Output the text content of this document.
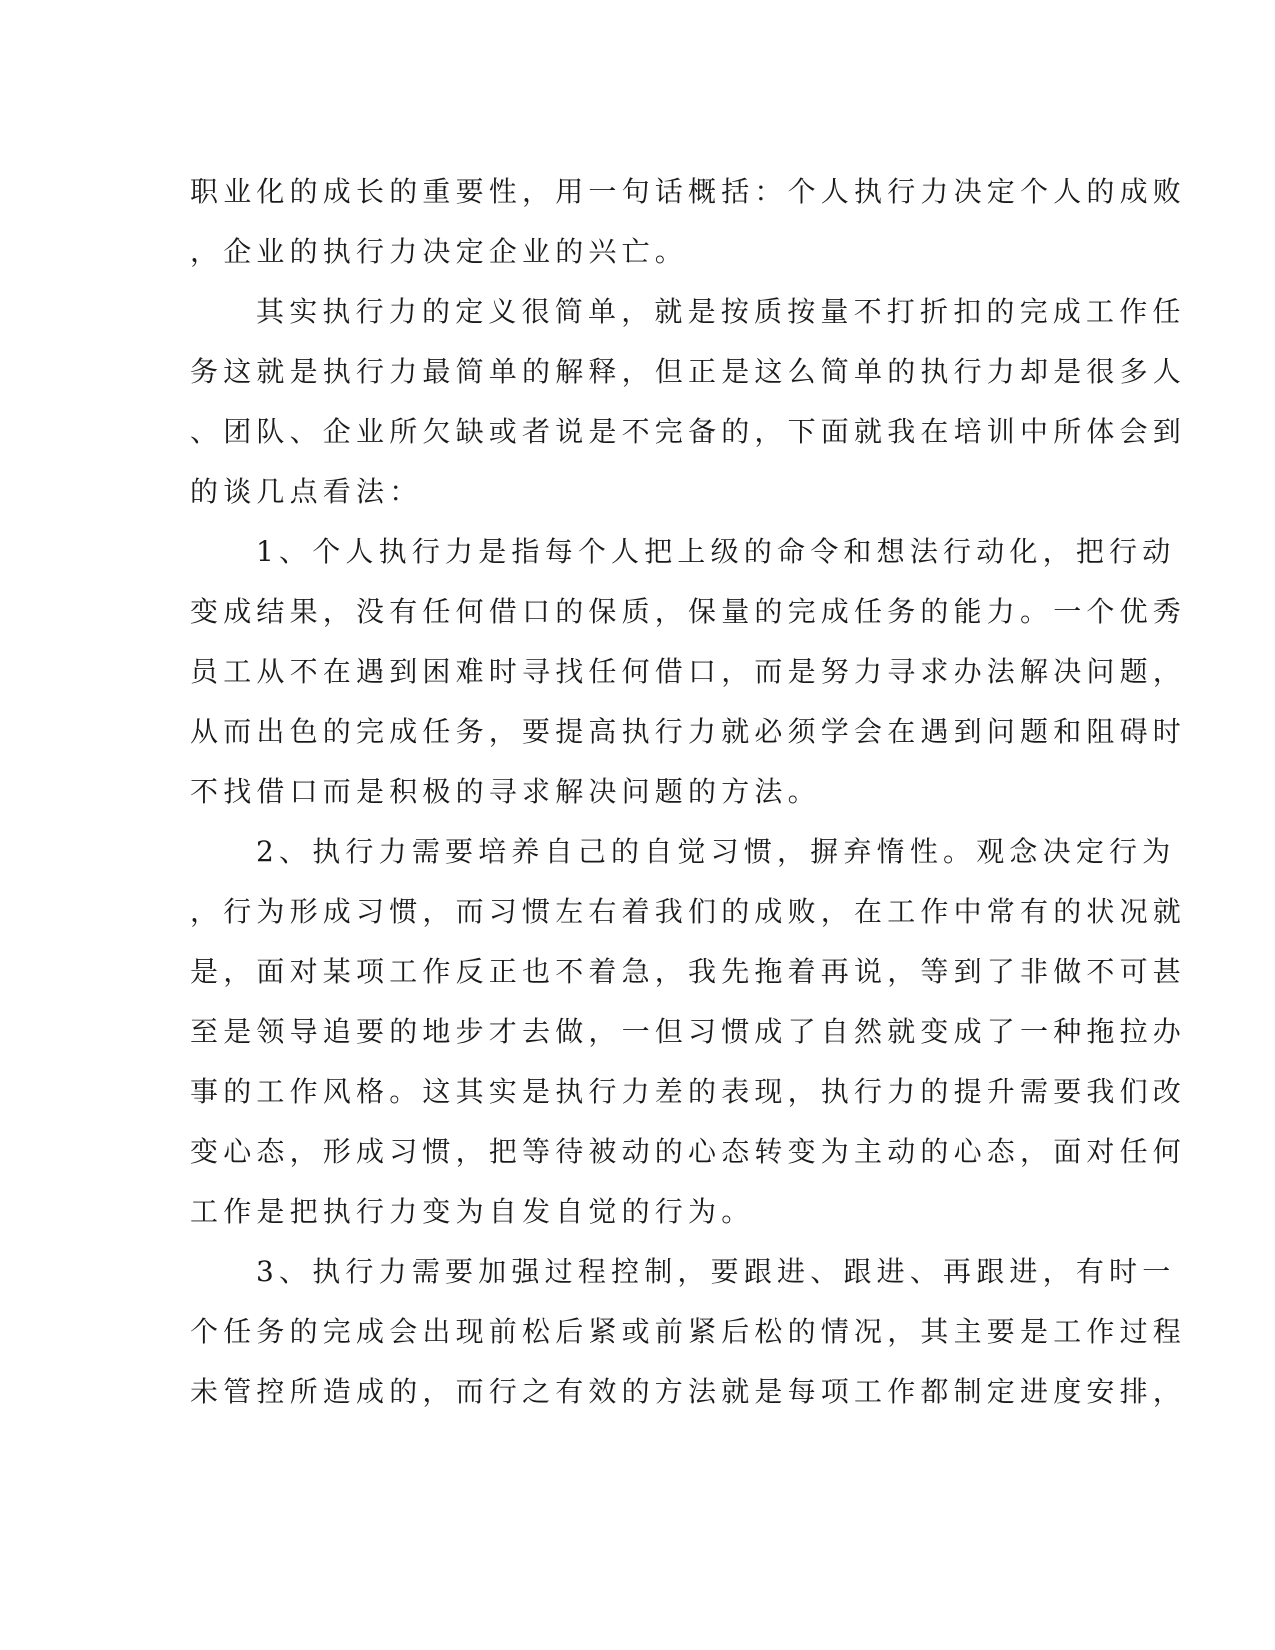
职业化的成长的重要性，用一句话概括：个人执行力决定个人的成败
，企业的执行力决定企业的兴亡。
其实执行力的定义很简单，就是按质按量不打折扣的完成工作任
务这就是执行力最简单的解释，但正是这么简单的执行力却是很多人
、团队、企业所欠缺或者说是不完备的，下面就我在培训中所体会到
的谈几点看法：
1、个人执行力是指每个人把上级的命令和想法行动化，把行动
变成结果，没有任何借口的保质，保量的完成任务的能力。一个优秀
员工从不在遇到困难时寻找任何借口，而是努力寻求办法解决问题，
从而出色的完成任务，要提高执行力就必须学会在遇到问题和阻碍时
不找借口而是积极的寻求解决问题的方法。
2、执行力需要培养自己的自觉习惯，摒弃惰性。观念决定行为
，行为形成习惯，而习惯左右着我们的成败，在工作中常有的状况就
是，面对某项工作反正也不着急，我先拖着再说，等到了非做不可甚
至是领导追要的地步才去做，一但习惯成了自然就变成了一种拖拉办
事的工作风格。这其实是执行力差的表现，执行力的提升需要我们改
变心态，形成习惯，把等待被动的心态转变为主动的心态，面对任何
工作是把执行力变为自发自觉的行为。
3、执行力需要加强过程控制，要跟进、跟进、再跟进，有时一
个任务的完成会出现前松后紧或前紧后松的情况，其主要是工作过程
未管控所造成的，而行之有效的方法就是每项工作都制定进度安排，
